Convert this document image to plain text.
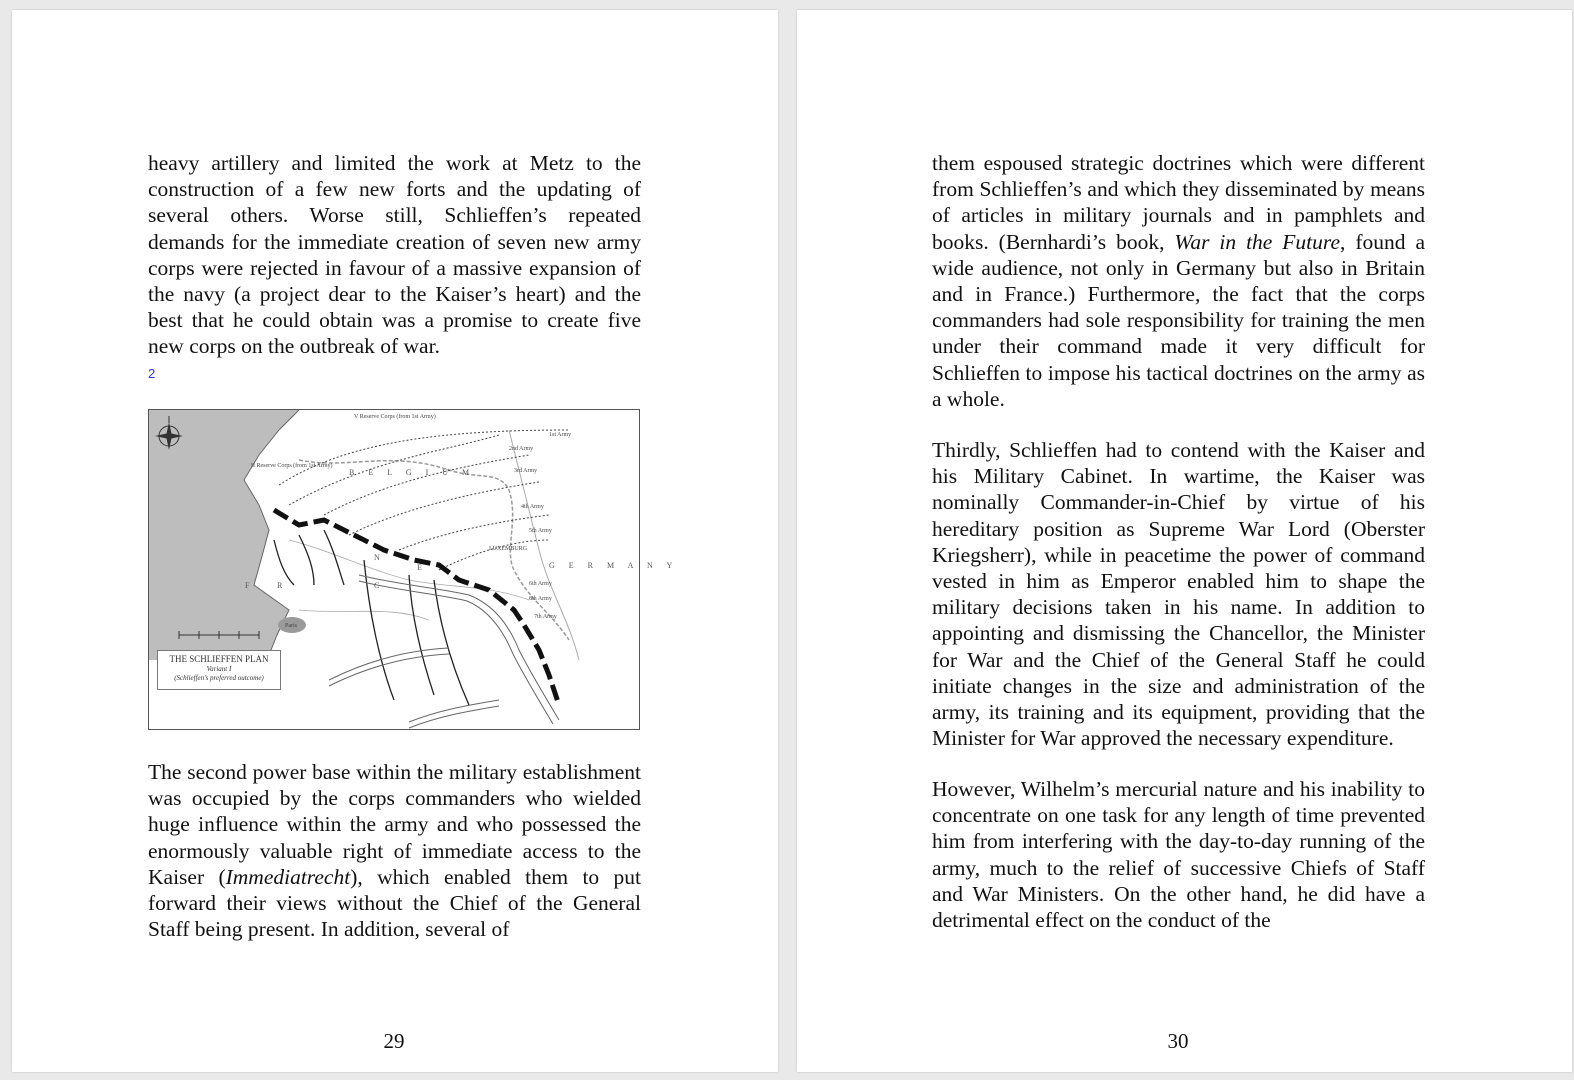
heavy artillery and limited the work at Metz to the construction of a few new forts and the updating of several others. Worse still, Schlieffen’s repeated demands for the immediate creation of seven new army corps were rejected in favour of a massive expansion of the navy (a project dear to the Kaiser’s heart) and the best that he could obtain was a promise to create five new corps on the outbreak of war.

2
B E L G I U M
G E R M A N Y
F	R
N
C
E
V Reserve Corps (from 1st Army)
1st Army
2nd Army
3rd Army
II Reserve Corps (from 1st Army)
4th Army
5th Army
6th Army
7th Army
8th Army
LUXEMBURG
Paris
THE SCHLIEFFEN PLAN
Variant I
(Schlieffen’s preferred outcome)

The second power base within the military establishment was occupied by the corps commanders who wielded huge influence within the army and who possessed the enormously valuable right of immediate access to the Kaiser (Immediatrecht), which enabled them to put forward their views without the Chief of the General Staff being present. In addition, several of

29

them espoused strategic doctrines which were different from Schlieffen’s and which they disseminated by means of articles in military journals and in pamphlets and books. (Bernhardi’s book, War in the Future, found a wide audience, not only in Germany but also in Britain and in France.) Furthermore, the fact that the corps commanders had sole responsibility for training the men under their command made it very difficult for Schlieffen to impose his tactical doctrines on the army as a whole.

Thirdly, Schlieffen had to contend with the Kaiser and his Military Cabinet. In wartime, the Kaiser was nominally Commander-in-Chief by virtue of his hereditary position as Supreme War Lord (Oberster Kriegsherr), while in peacetime the power of command vested in him as Emperor enabled him to shape the military decisions taken in his name. In addition to appointing and dismissing the Chancellor, the Minister for War and the Chief of the General Staff he could initiate changes in the size and administration of the army, its training and its equipment, providing that the Minister for War approved the necessary expenditure.

However, Wilhelm’s mercurial nature and his inability to concentrate on one task for any length of time prevented him from interfering with the day-to-day running of the army, much to the relief of successive Chiefs of Staff and War Ministers. On the other hand, he did have a detrimental effect on the conduct of the

30
